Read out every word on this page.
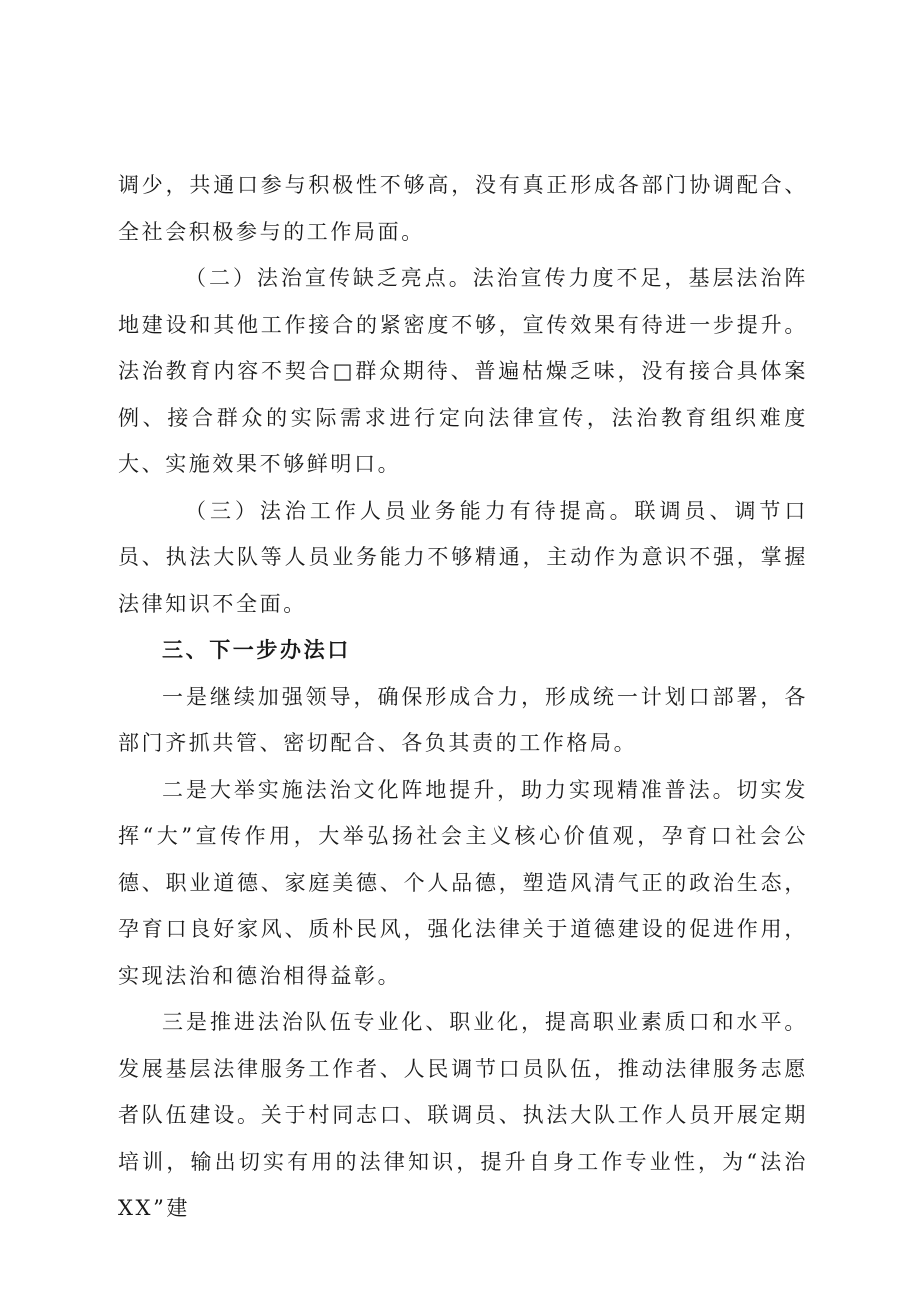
调少，共通口参与积极性不够高，没有真正形成各部门协调配合、全社会积极参与的工作局面。

（二）法治宣传缺乏亮点。法治宣传力度不足，基层法治阵地建设和其他工作接合的紧密度不够，宣传效果有待进一步提升。法治教育内容不契合□群众期待、普遍枯燥乏味，没有接合具体案例、接合群众的实际需求进行定向法律宣传，法治教育组织难度大、实施效果不够鲜明口。

（三）法治工作人员业务能力有待提高。联调员、调节口员、执法大队等人员业务能力不够精通，主动作为意识不强，掌握法律知识不全面。

三、下一步办法口

一是继续加强领导，确保形成合力，形成统一计划口部署，各部门齐抓共管、密切配合、各负其责的工作格局。

二是大举实施法治文化阵地提升，助力实现精准普法。切实发挥“大”宣传作用，大举弘扬社会主义核心价值观，孕育口社会公德、职业道德、家庭美德、个人品德，塑造风清气正的政治生态，孕育口良好家风、质朴民风，强化法律关于道德建设的促进作用，实现法治和德治相得益彰。

三是推进法治队伍专业化、职业化，提高职业素质口和水平。发展基层法律服务工作者、人民调节口员队伍，推动法律服务志愿者队伍建设。关于村同志口、联调员、执法大队工作人员开展定期培训，输出切实有用的法律知识，提升自身工作专业性，为“法治XX”建
